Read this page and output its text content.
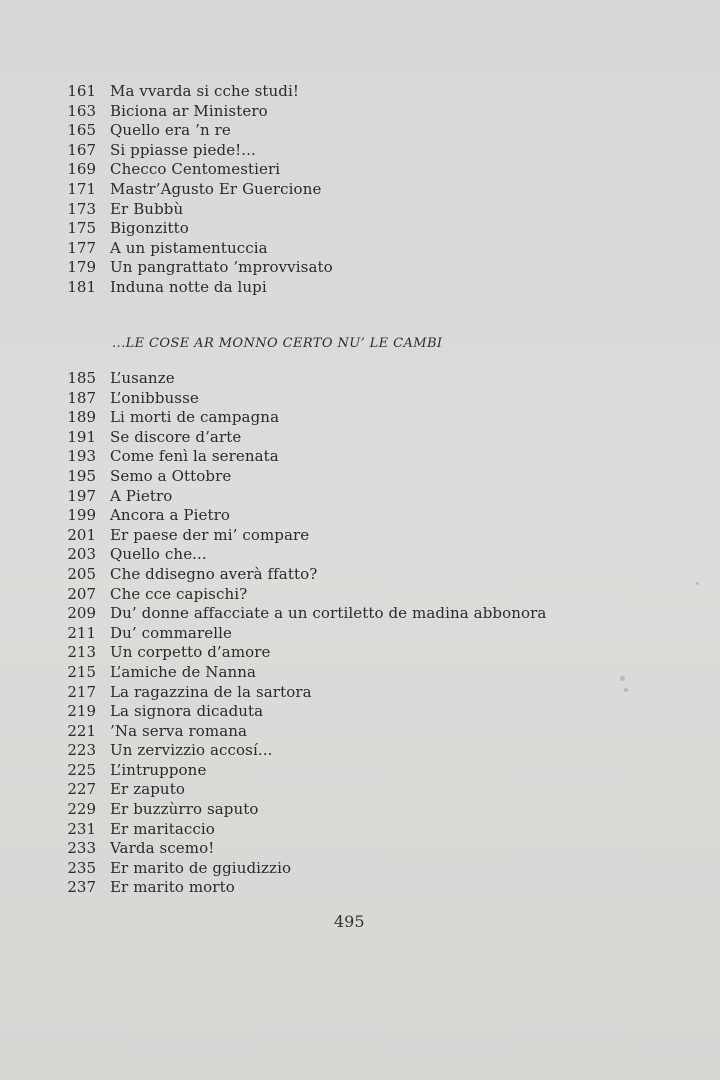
161 Ma vvarda si cche studi!
163 Biciona ar Ministero
165 Quello era ’n re
167 Si ppiasse piede!...
169 Checco Centomestieri
171 Mastr’Agusto Er Guercione
173 Er Bubbù
175 Bigonzitto
177 A un pistamentuccia
179 Un pangrattato ’mprovvisato
181 Induna notte da lupi
...LE COSE AR MONNO CERTO NU’ LE CAMBI
185 L’usanze
187 L’onibbusse
189 Li morti de campagna
191 Se discore d’arte
193 Come fenì la serenata
195 Semo a Ottobre
197 A Pietro
199 Ancora a Pietro
201 Er paese der mi’ compare
203 Quello che...
205 Che ddisegno averà ffatto?
207 Che cce capischi?
209 Du’ donne affacciate a un cortiletto de madina abbonora
211 Du’ commarelle
213 Un corpetto d’amore
215 L’amiche de Nanna
217 La ragazzina de la sartora
219 La signora dicaduta
221 ’Na serva romana
223 Un zervizzio accosí...
225 L’intruppone
227 Er zaputo
229 Er buzzùrro saputo
231 Er maritaccio
233 Varda scemo!
235 Er marito de ggiudizzio
237 Er marito morto
495
